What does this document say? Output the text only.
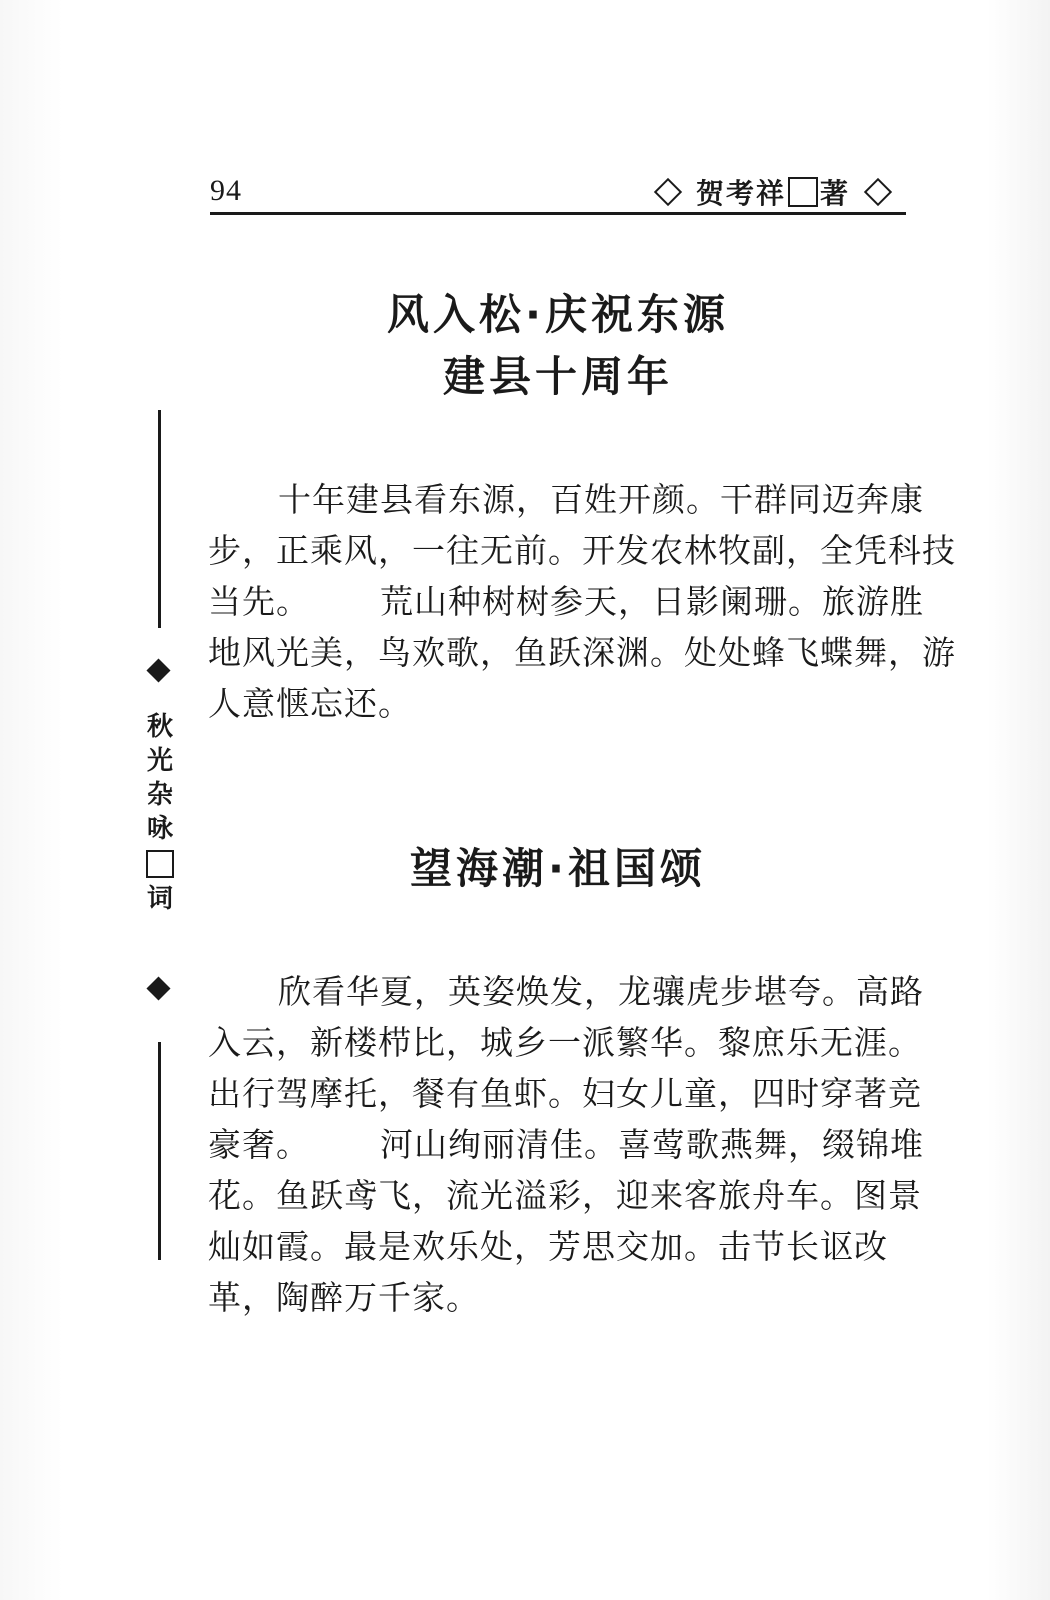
94	贺考祥 著
秋
光
杂
咏
词
风入松·庆祝东源
建县十周年
十年建县看东源，百姓开颜。干群同迈奔康
步，正乘风，一往无前。开发农林牧副，全凭科技
当先。 荒山种树树参天，日影阑珊。旅游胜
地风光美，鸟欢歌，鱼跃深渊。处处蜂飞蝶舞，游
人意惬忘还。
望海潮·祖国颂
欣看华夏，英姿焕发，龙骧虎步堪夸。高路
入云，新楼栉比，城乡一派繁华。黎庶乐无涯。
出行驾摩托，餐有鱼虾。妇女儿童，四时穿著竞
豪奢。 河山绚丽清佳。喜莺歌燕舞，缀锦堆
花。鱼跃鸢飞，流光溢彩，迎来客旅舟车。图景
灿如霞。最是欢乐处，芳思交加。击节长讴改
革，陶醉万千家。
